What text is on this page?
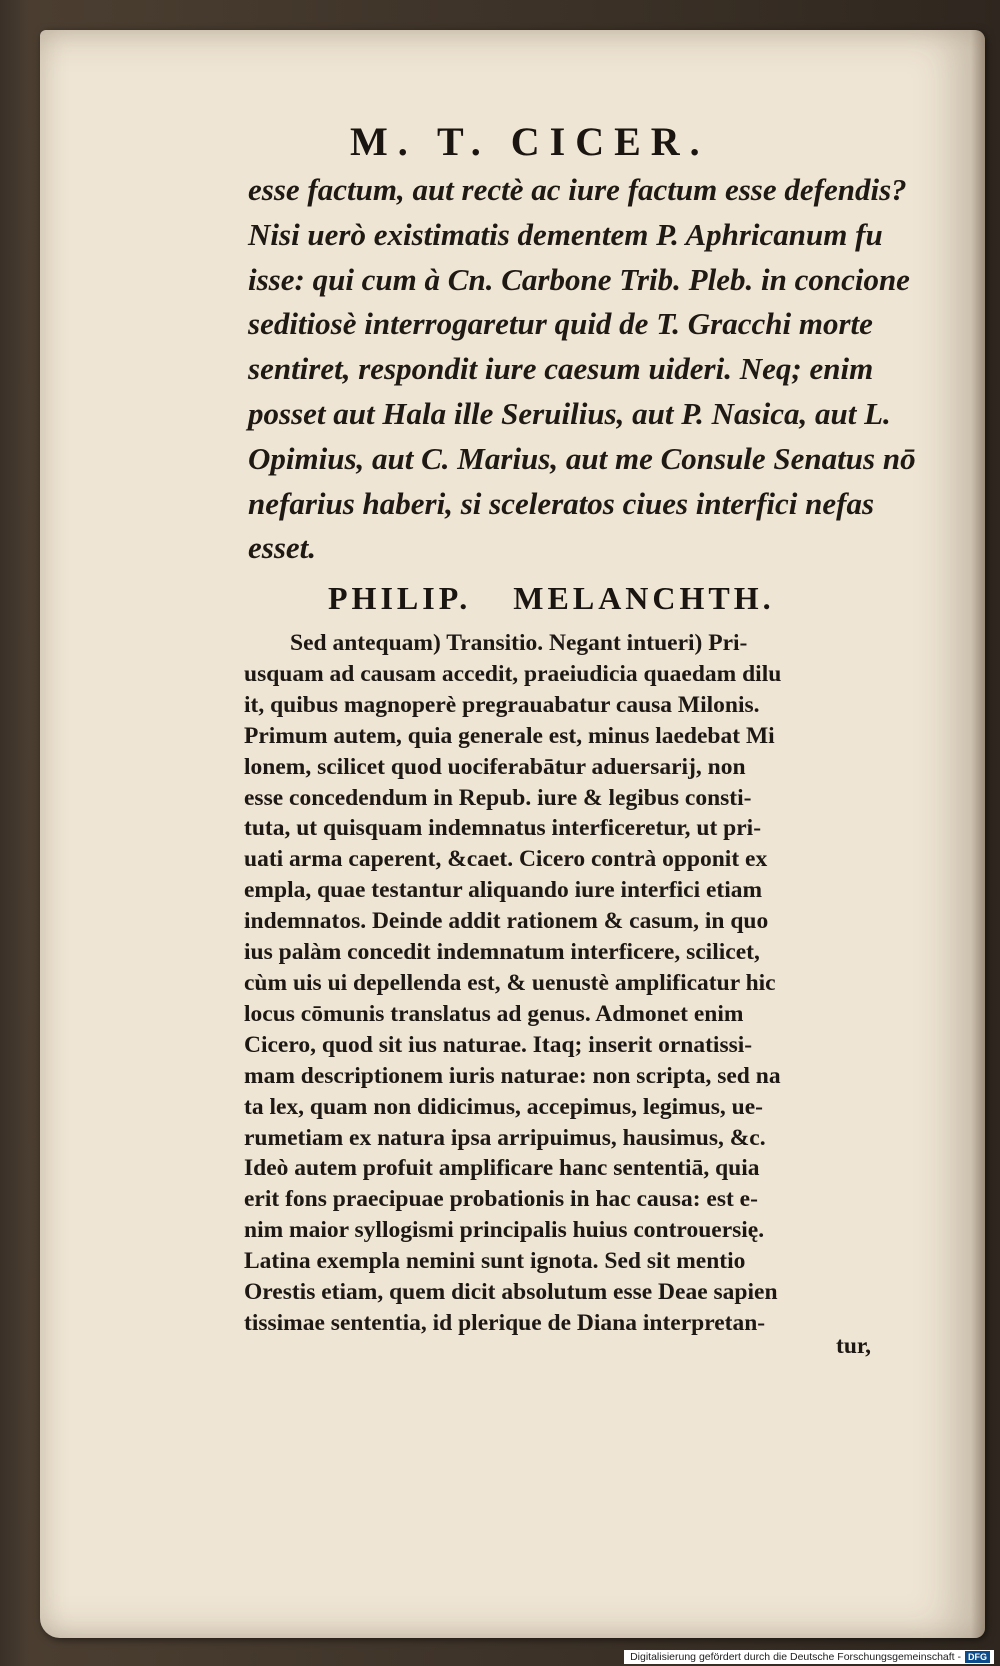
M. T. CICER.
esse factum, aut rectè ac iure factum esse defendis?
Nisi uerò existimatis dementem P. Aphricanum fu
isse: qui cum à Cn. Carbone Trib. Pleb. in concione
seditiosè interrogaretur quid de T. Gracchi morte
sentiret, respondit iure caesum uideri. Neq; enim
posset aut Hala ille Seruilius, aut P. Nasica, aut L.
Opimius, aut C. Marius, aut me Consule Senatus nō
nefarius haberi, si sceleratos ciues interfici nefas
esset.
PHILIP. MELANCHTH.
Sed antequam) Transitio. Negant intueri) Pri-
usquam ad causam accedit, praeiudicia quaedam dilu
it, quibus magnoperè pregrauabatur causa Milonis.
Primum autem, quia generale est, minus laedebat Mi
lonem, scilicet quod uociferabātur aduersarij, non
esse concedendum in Repub. iure & legibus consti-
tuta, ut quisquam indemnatus interficeretur, ut pri-
uati arma caperent, &caet. Cicero contrà opponit ex
empla, quae testantur aliquando iure interfici etiam
indemnatos. Deinde addit rationem & casum, in quo
ius palàm concedit indemnatum interficere, scilicet,
cùm uis ui depellenda est, & uenustè amplificatur hic
locus cōmunis translatus ad genus. Admonet enim
Cicero, quod sit ius naturae. Itaq; inserit ornatissi-
mam descriptionem iuris naturae: non scripta, sed na
ta lex, quam non didicimus, accepimus, legimus, ue-
rumetiam ex natura ipsa arripuimus, hausimus, &c.
Ideò autem profuit amplificare hanc sententiā, quia
erit fons praecipuae probationis in hac causa: est e-
nim maior syllogismi principalis huius controuersię.
Latina exempla nemini sunt ignota. Sed sit mentio
Orestis etiam, quem dicit absolutum esse Deae sapien
tissimae sententia, id plerique de Diana interpretan-
tur,
Digitalisierung gefördert durch die Deutsche Forschungsgemeinschaft - DFG
